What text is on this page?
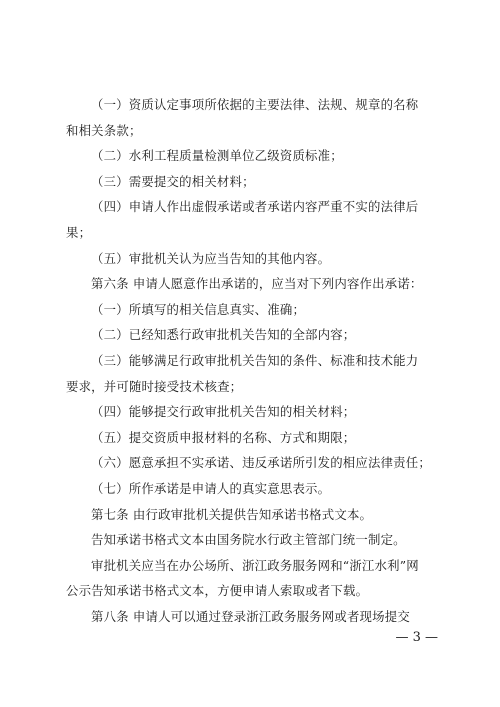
（一）资质认定事项所依据的主要法律、法规、规章的名称
和相关条款；
（二）水利工程质量检测单位乙级资质标准；
（三）需要提交的相关材料；
（四）申请人作出虚假承诺或者承诺内容严重不实的法律后
果；
（五）审批机关认为应当告知的其他内容。
第六条 申请人愿意作出承诺的，应当对下列内容作出承诺：
（一）所填写的相关信息真实、准确；
（二）已经知悉行政审批机关告知的全部内容；
（三）能够满足行政审批机关告知的条件、标准和技术能力
要求，并可随时接受技术核查；
（四）能够提交行政审批机关告知的相关材料；
（五）提交资质申报材料的名称、方式和期限；
（六）愿意承担不实承诺、违反承诺所引发的相应法律责任；
（七）所作承诺是申请人的真实意思表示。
第七条 由行政审批机关提供告知承诺书格式文本。
告知承诺书格式文本由国务院水行政主管部门统一制定。
审批机关应当在办公场所、浙江政务服务网和“浙江水利”网
公示告知承诺书格式文本，方便申请人索取或者下载。
第八条 申请人可以通过登录浙江政务服务网或者现场提交
— 3 —
